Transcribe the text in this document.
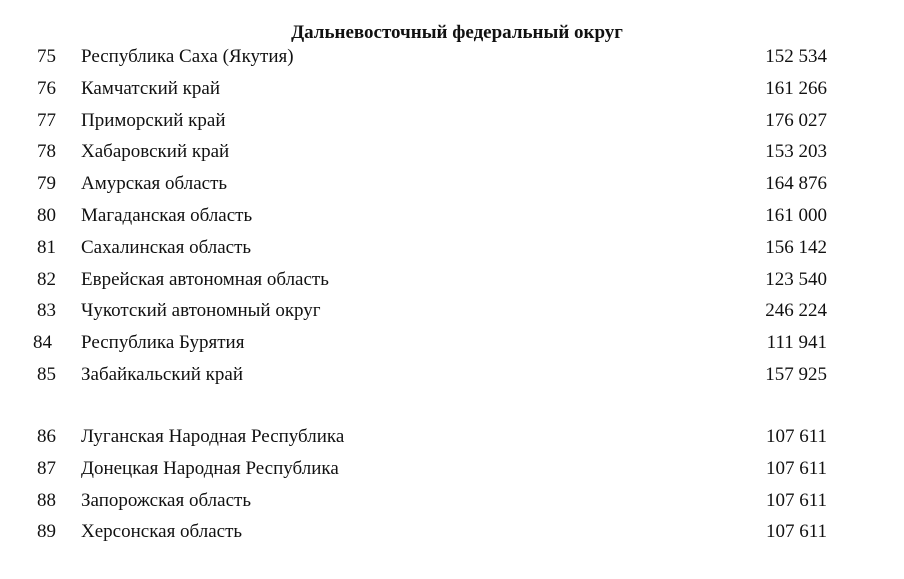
Дальневосточный федеральный округ
75 Республика Саха (Якутия)	152 534
76 Камчатский край	161 266
77 Приморский край	176 027
78 Хабаровский край	153 203
79 Амурская область	164 876
80 Магаданская область	161 000
81 Сахалинская область	156 142
82 Еврейская автономная область	123 540
83 Чукотский автономный округ	246 224
84 Республика Бурятия	111 941
85 Забайкальский край	157 925
86 Луганская Народная Республика	107 611
87 Донецкая Народная Республика	107 611
88 Запорожская область	107 611
89 Херсонская область	107 611
